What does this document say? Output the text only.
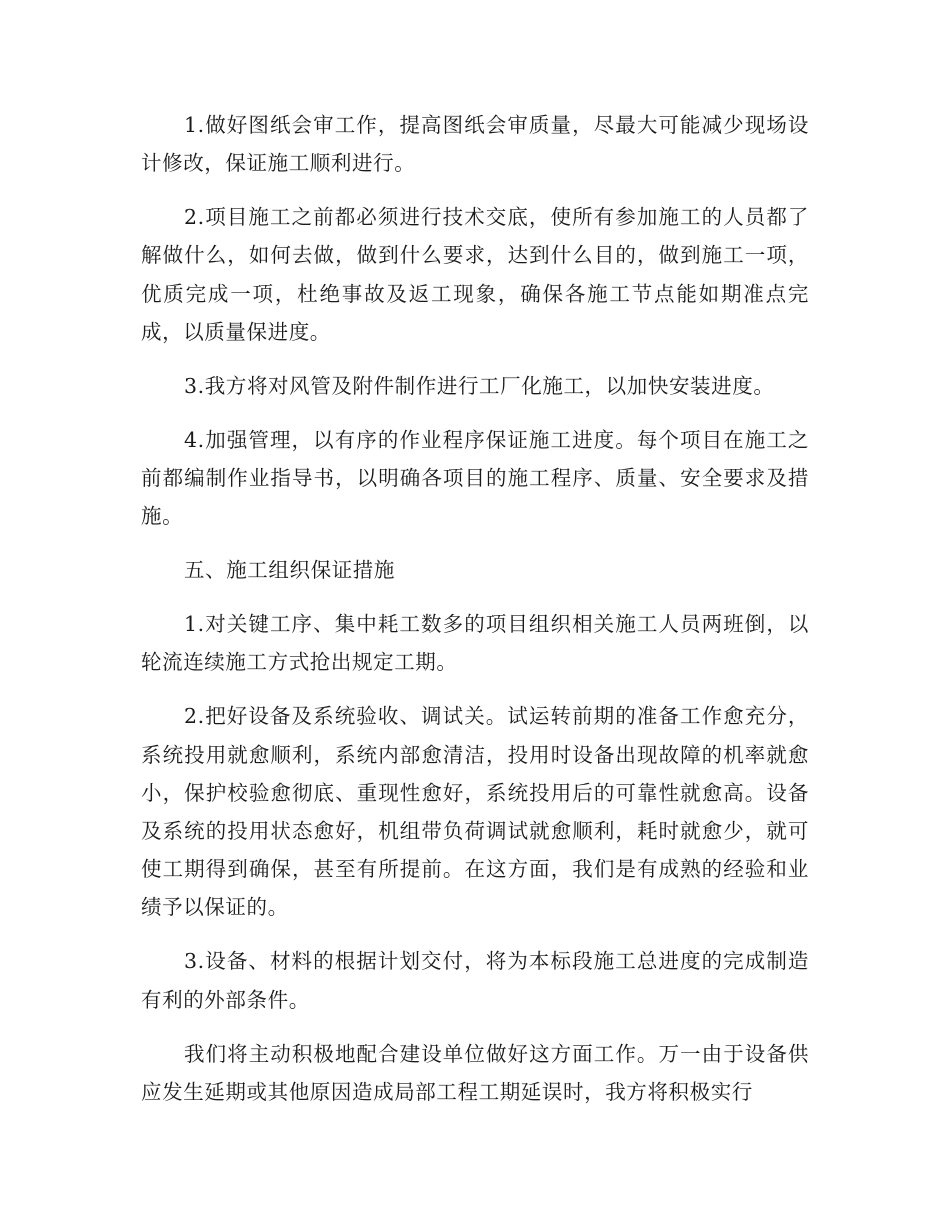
1.做好图纸会审工作，提高图纸会审质量，尽最大可能减少现场设计修改，保证施工顺利进行。

2.项目施工之前都必须进行技术交底，使所有参加施工的人员都了解做什么，如何去做，做到什么要求，达到什么目的，做到施工一项，优质完成一项，杜绝事故及返工现象，确保各施工节点能如期准点完成，以质量保进度。

3.我方将对风管及附件制作进行工厂化施工，以加快安装进度。

4.加强管理，以有序的作业程序保证施工进度。每个项目在施工之前都编制作业指导书，以明确各项目的施工程序、质量、安全要求及措施。

五、施工组织保证措施

1.对关键工序、集中耗工数多的项目组织相关施工人员两班倒，以轮流连续施工方式抢出规定工期。

2.把好设备及系统验收、调试关。试运转前期的准备工作愈充分，系统投用就愈顺利，系统内部愈清洁，投用时设备出现故障的机率就愈小，保护校验愈彻底、重现性愈好，系统投用后的可靠性就愈高。设备及系统的投用状态愈好，机组带负荷调试就愈顺利，耗时就愈少，就可使工期得到确保，甚至有所提前。在这方面，我们是有成熟的经验和业绩予以保证的。

3.设备、材料的根据计划交付，将为本标段施工总进度的完成制造有利的外部条件。

我们将主动积极地配合建设单位做好这方面工作。万一由于设备供应发生延期或其他原因造成局部工程工期延误时，我方将积极实行
